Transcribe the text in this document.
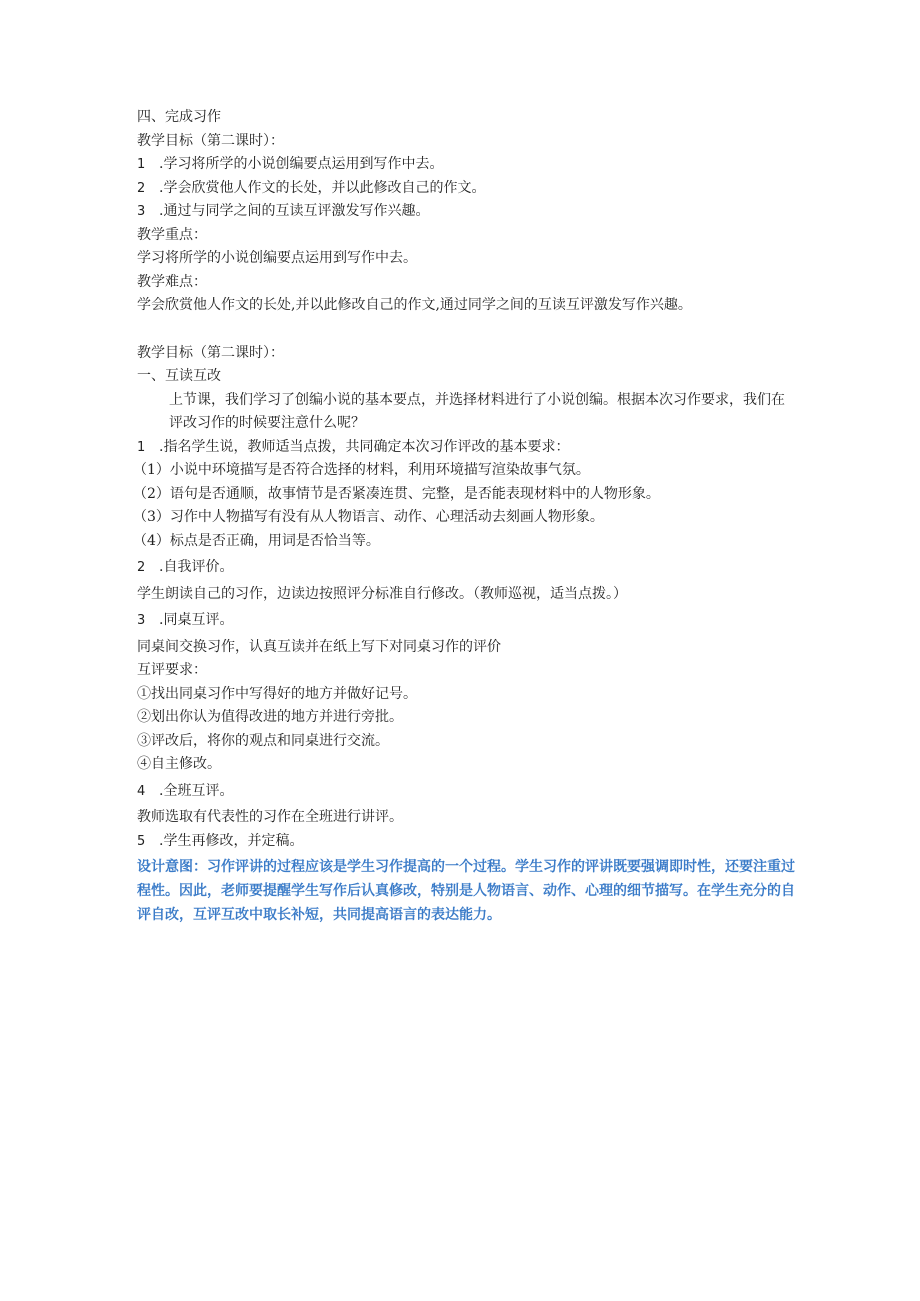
四、完成习作
教学目标（第二课时）：
1 .学习将所学的小说创编要点运用到写作中去。
2 .学会欣赏他人作文的长处，并以此修改自己的作文。
3 .通过与同学之间的互读互评激发写作兴趣。
教学重点：
学习将所学的小说创编要点运用到写作中去。
教学难点：
学会欣赏他人作文的长处,并以此修改自己的作文,通过同学之间的互读互评激发写作兴趣。
教学目标（第二课时）：
一、互读互改
上节课，我们学习了创编小说的基本要点，并选择材料进行了小说创编。根据本次习作要求，我们在评改习作的时候要注意什么呢？
1 .指名学生说，教师适当点拨，共同确定本次习作评改的基本要求：
（1）小说中环境描写是否符合选择的材料，利用环境描写渲染故事气氛。
（2）语句是否通顺，故事情节是否紧凑连贯、完整，是否能表现材料中的人物形象。
（3）习作中人物描写有没有从人物语言、动作、心理活动去刻画人物形象。
（4）标点是否正确，用词是否恰当等。
2 .自我评价。
学生朗读自己的习作，边读边按照评分标准自行修改。（教师巡视，适当点拨。）
3 .同桌互评。
同桌间交换习作，认真互读并在纸上写下对同桌习作的评价
互评要求：
①找出同桌习作中写得好的地方并做好记号。
②划出你认为值得改进的地方并进行旁批。
③评改后，将你的观点和同桌进行交流。
④自主修改。
4 .全班互评。
教师选取有代表性的习作在全班进行讲评。
5 .学生再修改，并定稿。
设计意图：习作评讲的过程应该是学生习作提高的一个过程。学生习作的评讲既要强调即时性，还要注重过程性。因此，老师要提醒学生写作后认真修改，特别是人物语言、动作、心理的细节描写。在学生充分的自评自改，互评互改中取长补短，共同提高语言的表达能力。
